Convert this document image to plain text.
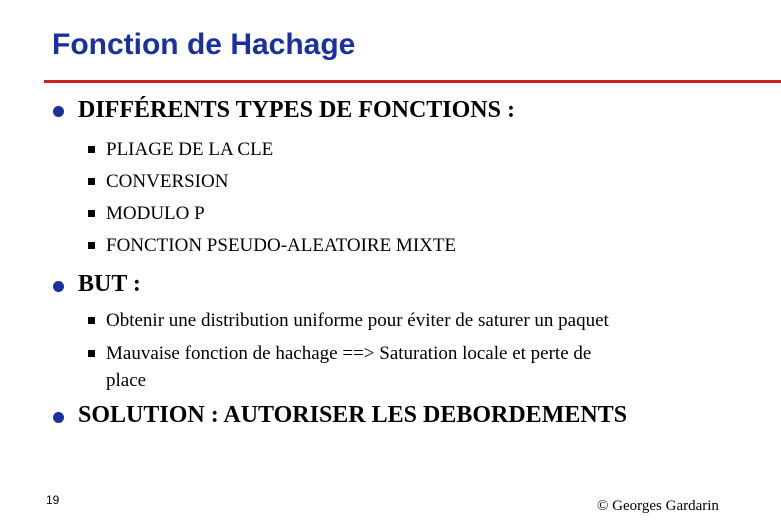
Fonction de Hachage
DIFFÉRENTS TYPES DE FONCTIONS :
PLIAGE DE LA CLE
CONVERSION
MODULO P
FONCTION PSEUDO-ALEATOIRE MIXTE
BUT :
Obtenir une distribution uniforme pour éviter de saturer un paquet
Mauvaise fonction de hachage ==> Saturation locale et perte de
place
SOLUTION : AUTORISER LES DEBORDEMENTS
19	© Georges Gardarin
